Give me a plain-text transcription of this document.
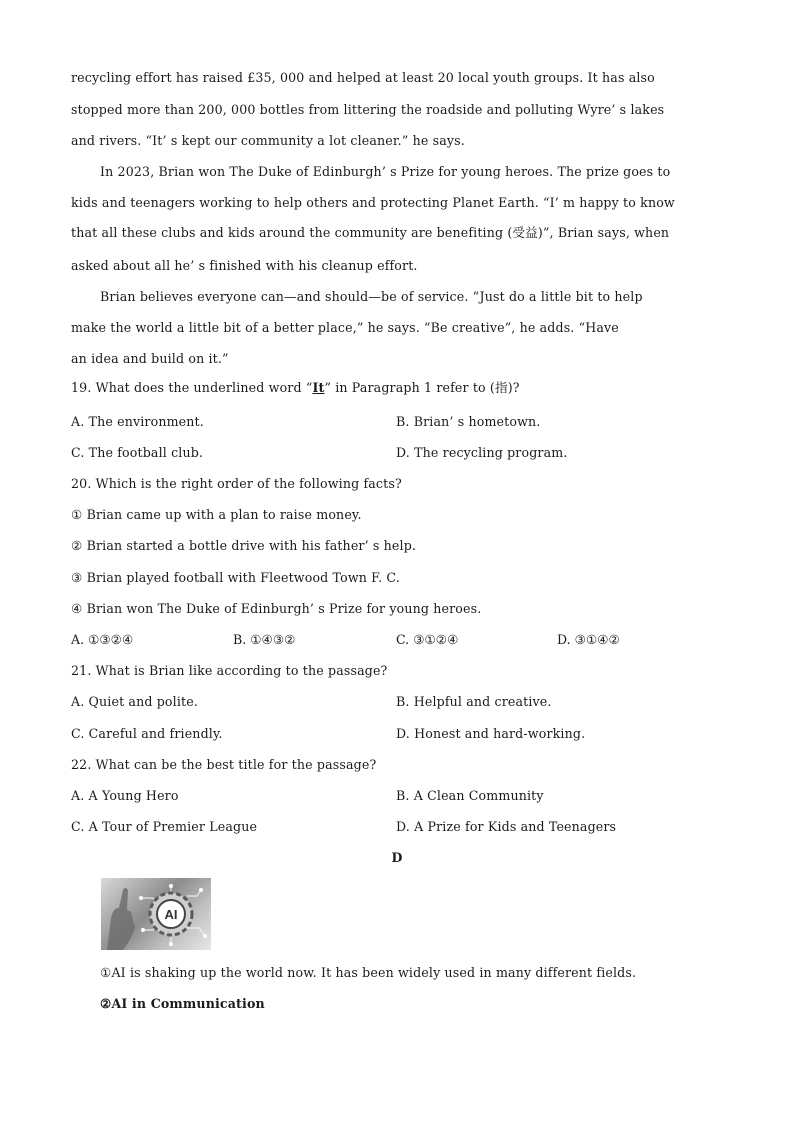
recycling effort has raised £35, 000 and helped at least 20 local youth groups. It has also
stopped more than 200, 000 bottles from littering the roadside and polluting Wyre’ s lakes
and rivers. “It’ s kept our community a lot cleaner.” he says.
In 2023, Brian won The Duke of Edinburgh’ s Prize for young heroes. The prize goes to
kids and teenagers working to help others and protecting Planet Earth. “I’ m happy to know
that all these clubs and kids around the community are benefiting (受益)”, Brian says, when
asked about all he’ s finished with his cleanup effort.
Brian believes everyone can—and should—be of service. “Just do a little bit to help
make the world a little bit of a better place,” he says. “Be creative”, he adds. “Have
an idea and build on it.”
19. What does the underlined word “It” in Paragraph 1 refer to (指)?
A. The environment.	B. Brian’ s hometown.
C. The football club.	D. The recycling program.
20. Which is the right order of the following facts?
① Brian came up with a plan to raise money.
② Brian started a bottle drive with his father’ s help.
③ Brian played football with Fleetwood Town F. C.
④ Brian won The Duke of Edinburgh’ s Prize for young heroes.
A. ①③②④	B. ①④③②	C. ③①②④	D. ③①④②
21. What is Brian like according to the passage?
A. Quiet and polite.	B. Helpful and creative.
C. Careful and friendly.	D. Honest and hard-working.
22. What can be the best title for the passage?
A. A Young Hero	B. A Clean Community
C. A Tour of Premier League	D. A Prize for Kids and Teenagers
D
AI
①AI is shaking up the world now. It has been widely used in many different fields.
②AI in Communication
